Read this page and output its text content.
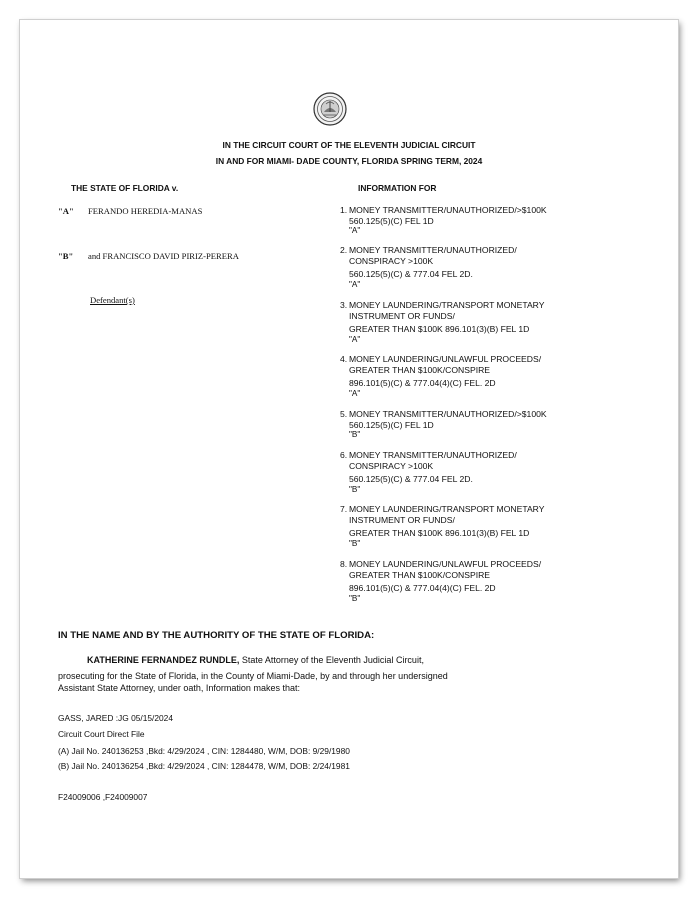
IN THE CIRCUIT COURT OF THE ELEVENTH JUDICIAL CIRCUIT
IN AND FOR MIAMI- DADE COUNTY, FLORIDA SPRING TERM, 2024
THE STATE OF FLORIDA v.	INFORMATION FOR
"A" FERANDO HEREDIA-MANAS
"B" and FRANCISCO DAVID PIRIZ-PERERA
Defendant(s)
1. MONEY TRANSMITTER/UNAUTHORIZED/>$100K
560.125(5)(C) FEL 1D
"A"
2. MONEY TRANSMITTER/UNAUTHORIZED/
CONSPIRACY >100K
560.125(5)(C) & 777.04 FEL 2D.
"A"
3. MONEY LAUNDERING/TRANSPORT MONETARY
INSTRUMENT OR FUNDS/
GREATER THAN $100K 896.101(3)(B) FEL 1D
"A"
4. MONEY LAUNDERING/UNLAWFUL PROCEEDS/
GREATER THAN $100K/CONSPIRE
896.101(5)(C) & 777.04(4)(C) FEL. 2D
"A"
5. MONEY TRANSMITTER/UNAUTHORIZED/>$100K
560.125(5)(C) FEL 1D
"B"
6. MONEY TRANSMITTER/UNAUTHORIZED/
CONSPIRACY >100K
560.125(5)(C) & 777.04 FEL 2D.
"B"
7. MONEY LAUNDERING/TRANSPORT MONETARY
INSTRUMENT OR FUNDS/
GREATER THAN $100K 896.101(3)(B) FEL 1D
"B"
8. MONEY LAUNDERING/UNLAWFUL PROCEEDS/
GREATER THAN $100K/CONSPIRE
896.101(5)(C) & 777.04(4)(C) FEL. 2D
"B"
IN THE NAME AND BY THE AUTHORITY OF THE STATE OF FLORIDA:
KATHERINE FERNANDEZ RUNDLE, State Attorney of the Eleventh Judicial Circuit,
prosecuting for the State of Florida, in the County of Miami-Dade, by and through her undersigned
Assistant State Attorney, under oath, Information makes that:
GASS, JARED :JG 05/15/2024
Circuit Court Direct File
(A) Jail No. 240136253 ,Bkd: 4/29/2024 , CIN: 1284480, W/M, DOB: 9/29/1980
(B) Jail No. 240136254 ,Bkd: 4/29/2024 , CIN: 1284478, W/M, DOB: 2/24/1981
F24009006 ,F24009007
